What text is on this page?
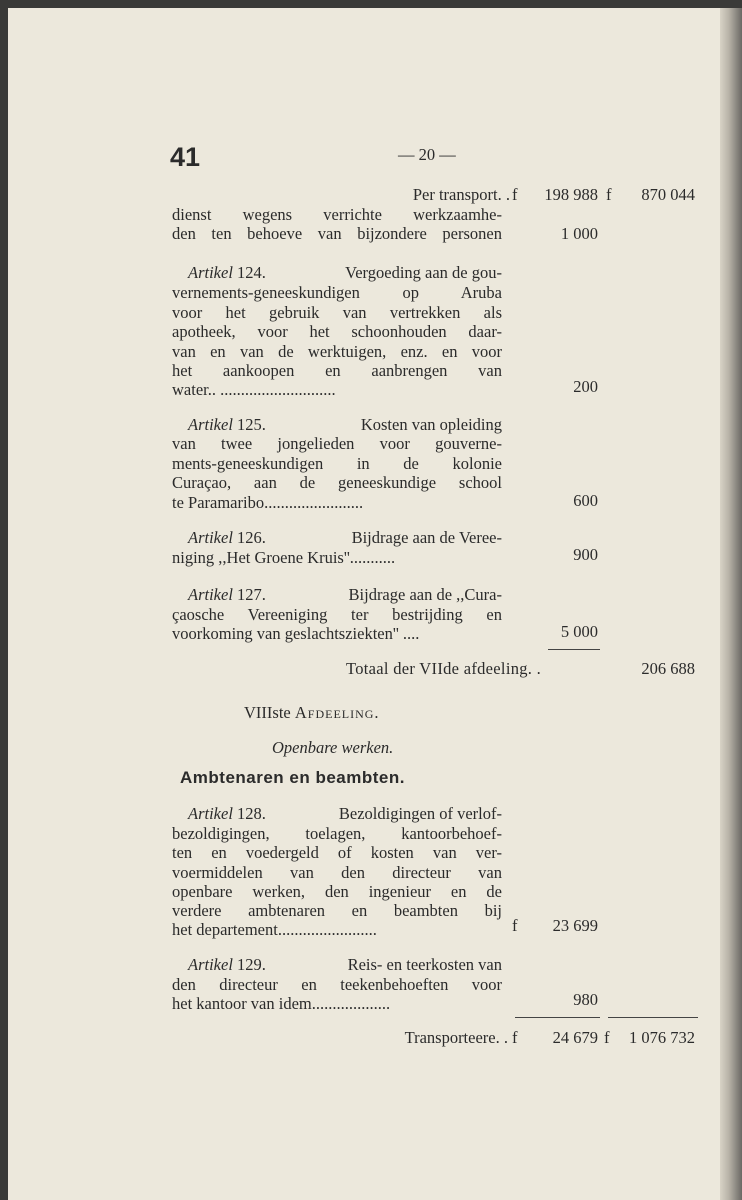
41	— 20 —
Per transport. . f 198 988 f 870 044
dienst wegens verrichte werkzaamhe-
den ten behoeve van bijzondere personen	1 000
Artikel 124.	Vergoeding aan de gou-
vernements-geneeskundigen op Aruba
voor het gebruik van vertrekken als
apotheek, voor het schoonhouden daar-
van en van de werktuigen, enz. en voor
het aankoopen en aanbrengen van
water.. ............................	200
Artikel 125.	Kosten van opleiding
van twee jongelieden voor gouverne-
ments-geneeskundigen in de kolonie
Curaçao, aan de geneeskundige school
te Paramaribo........................	600
Artikel 126.	Bijdrage aan de Veree-
niging ,,Het Groene Kruis''...........	900
Artikel 127.	Bijdrage aan de ,,Cura-
çaosche Vereeniging ter bestrijding en
voorkoming van geslachtsziekten'' ....	5 000
Totaal der VIIde afdeeling. .	206 688
VIIIste Afdeeling.
Openbare werken.
Ambtenaren en beambten.
Artikel 128.	Bezoldigingen of verlof-
bezoldigingen, toelagen, kantoorbehoef-
ten en voedergeld of kosten van ver-
voermiddelen van den directeur van
openbare werken, den ingenieur en de
verdere ambtenaren en beambten bij
het departement........................	f 23 699
Artikel 129.	Reis- en teerkosten van
den directeur en teekenbehoeften voor
het kantoor van idem...................	980
Transporteere. . f 24 679 f 1 076 732
